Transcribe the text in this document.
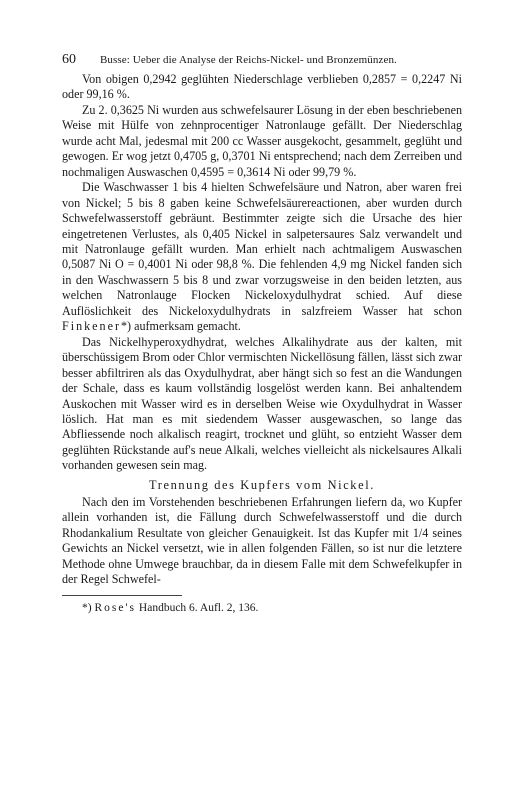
60	Busse: Ueber die Analyse der Reichs-Nickel- und Bronzemünzen.

Von obigen 0,2942 geglühten Niederschlage verblieben 0,2857 = 0,2247 Ni oder 99,16 %.

Zu 2. 0,3625 Ni wurden aus schwefelsaurer Lösung in der eben beschriebenen Weise mit Hülfe von zehnprocentiger Natronlauge gefällt. Der Niederschlag wurde acht Mal, jedesmal mit 200 cc Wasser ausgekocht, gesammelt, geglüht und gewogen. Er wog jetzt 0,4705 g, 0,3701 Ni entsprechend; nach dem Zerreiben und nochmaligen Auswaschen 0,4595 = 0,3614 Ni oder 99,79 %.

Die Waschwasser 1 bis 4 hielten Schwefelsäure und Natron, aber waren frei von Nickel; 5 bis 8 gaben keine Schwefelsäurereactionen, aber wurden durch Schwefelwasserstoff gebräunt. Bestimmter zeigte sich die Ursache des hier eingetretenen Verlustes, als 0,405 Nickel in salpetersaures Salz verwandelt und mit Natronlauge gefällt wurden. Man erhielt nach achtmaligem Auswaschen 0,5087 Ni O = 0,4001 Ni oder 98,8 %. Die fehlenden 4,9 mg Nickel fanden sich in den Waschwassern 5 bis 8 und zwar vorzugsweise in den beiden letzten, aus welchen Natronlauge Flocken Nickeloxydulhydrat schied. Auf diese Auflöslichkeit des Nickeloxydulhydrats in salzfreiem Wasser hat schon Finkener*) aufmerksam gemacht.

Das Nickelhyperoxydhydrat, welches Alkalihydrate aus der kalten, mit überschüssigem Brom oder Chlor vermischten Nickellösung fällen, lässt sich zwar besser abfiltriren als das Oxydulhydrat, aber hängt sich so fest an die Wandungen der Schale, dass es kaum vollständig losgelöst werden kann. Bei anhaltendem Auskochen mit Wasser wird es in derselben Weise wie Oxydulhydrat in Wasser löslich. Hat man es mit siedendem Wasser ausgewaschen, so lange das Abfliessende noch alkalisch reagirt, trocknet und glüht, so entzieht Wasser dem geglühten Rückstande auf's neue Alkali, welches vielleicht als nickelsaures Alkali vorhanden gewesen sein mag.

Trennung des Kupfers vom Nickel.

Nach den im Vorstehenden beschriebenen Erfahrungen liefern da, wo Kupfer allein vorhanden ist, die Fällung durch Schwefelwasserstoff und die durch Rhodankalium Resultate von gleicher Genauigkeit. Ist das Kupfer mit 1/4 seines Gewichts an Nickel versetzt, wie in allen folgenden Fällen, so ist nur die letztere Methode ohne Umwege brauchbar, da in diesem Falle mit dem Schwefelkupfer in der Regel Schwefel-

*) Rose's Handbuch 6. Aufl. 2, 136.
